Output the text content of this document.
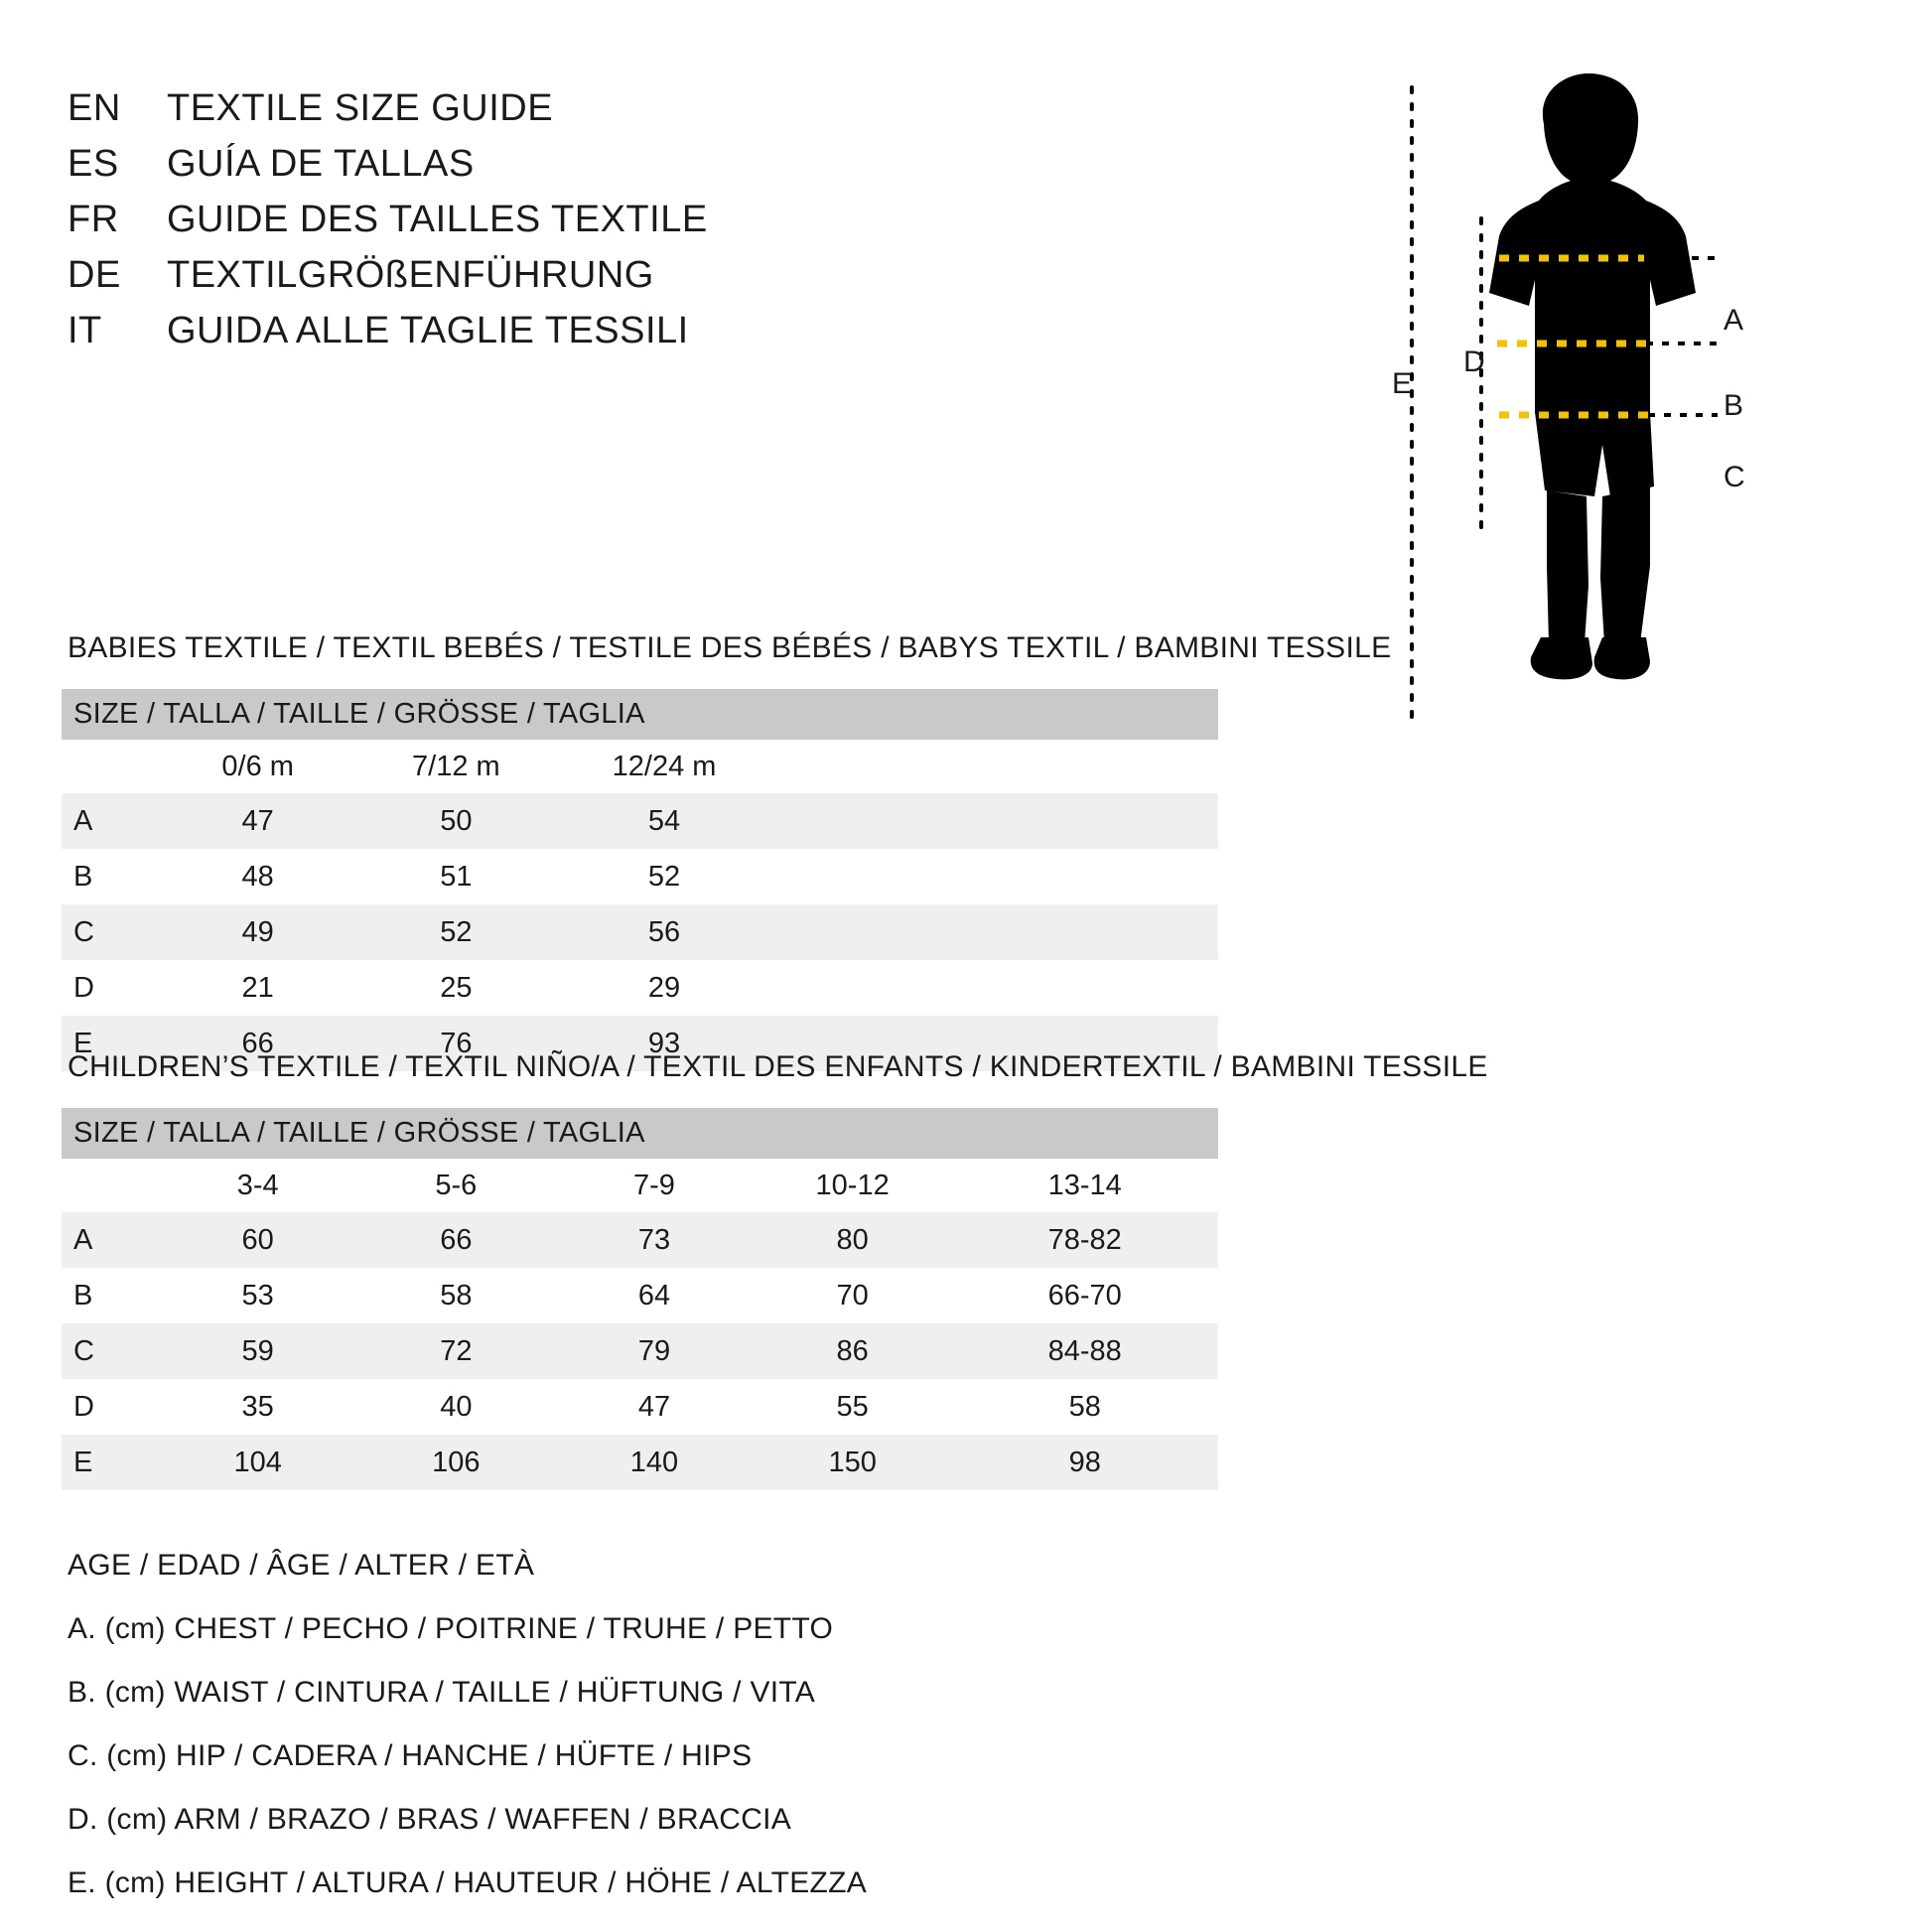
EN	TEXTILE SIZE GUIDE
ES	GUÍA DE TALLAS
FR	GUIDE DES TAILLES TEXTILE
DE	TEXTILGRÖßENFÜHRUNG
IT	GUIDA ALLE TAGLIE TESSILI	A
B
C
D
E
BABIES TEXTILE / TEXTIL BEBÉS / TESTILE DES BÉBÉS / BABYS TEXTIL / BAMBINI TESSILE
SIZE / TALLA / TAILLE / GRÖSSE / TAGLIA				
	0/6 m	7/12 m	12/24 m	
A	47	50	54	
B	48	51	52	
C	49	52	56	
D	21	25	29	
E	66	76	93	
CHILDREN’S TEXTILE / TEXTIL NIÑO/A / TEXTIL DES ENFANTS / KINDERTEXTIL / BAMBINI TESSILE
SIZE / TALLA / TAILLE / GRÖSSE / TAGLIA					
	3-4	5-6	7-9	10-12	13-14
A	60	66	73	80	78-82
B	53	58	64	70	66-70
C	59	72	79	86	84-88
D	35	40	47	55	58
E	104	106	140	150	98
AGE / EDAD / ÂGE / ALTER / ETÀ
A. (cm) CHEST / PECHO / POITRINE / TRUHE / PETTO
B. (cm) WAIST / CINTURA / TAILLE / HÜFTUNG / VITA
C. (cm) HIP / CADERA / HANCHE / HÜFTE / HIPS
D. (cm) ARM / BRAZO / BRAS / WAFFEN / BRACCIA
E. (cm) HEIGHT / ALTURA / HAUTEUR / HÖHE / ALTEZZA
